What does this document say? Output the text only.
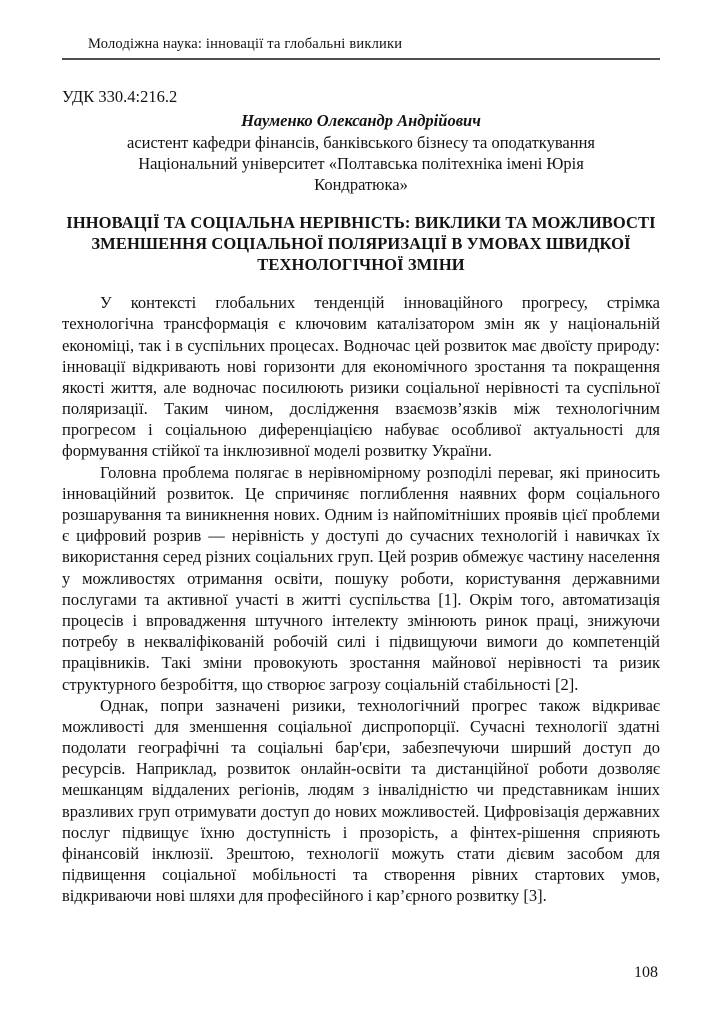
Молодіжна наука: інновації та глобальні виклики
УДК 330.4:216.2
Науменко Олександр Андрійович
асистент кафедри фінансів, банківського бізнесу та оподаткування
Національний університет «Полтавська політехніка імені Юрія Кондратюка»
ІННОВАЦІЇ ТА СОЦІАЛЬНА НЕРІВНІСТЬ: ВИКЛИКИ ТА МОЖЛИВОСТІ ЗМЕНШЕННЯ СОЦІАЛЬНОЇ ПОЛЯРИЗАЦІЇ В УМОВАХ ШВИДКОЇ ТЕХНОЛОГІЧНОЇ ЗМІНИ

У контексті глобальних тенденцій інноваційного прогресу, стрімка технологічна трансформація є ключовим каталізатором змін як у національній економіці, так і в суспільних процесах. Водночас цей розвиток має двоїсту природу: інновації відкривають нові горизонти для економічного зростання та покращення якості життя, але водночас посилюють ризики соціальної нерівності та суспільної поляризації. Таким чином, дослідження взаємозв’язків між технологічним прогресом і соціальною диференціацією набуває особливої актуальності для формування стійкої та інклюзивної моделі розвитку України.

Головна проблема полягає в нерівномірному розподілі переваг, які приносить інноваційний розвиток. Це спричиняє поглиблення наявних форм соціального розшарування та виникнення нових. Одним із найпомітніших проявів цієї проблеми є цифровий розрив — нерівність у доступі до сучасних технологій і навичках їх використання серед різних соціальних груп. Цей розрив обмежує частину населення у можливостях отримання освіти, пошуку роботи, користування державними послугами та активної участі в житті суспільства [1]. Окрім того, автоматизація процесів і впровадження штучного інтелекту змінюють ринок праці, знижуючи потребу в некваліфікованій робочій силі і підвищуючи вимоги до компетенцій працівників. Такі зміни провокують зростання майнової нерівності та ризик структурного безробіття, що створює загрозу соціальній стабільності [2].

Однак, попри зазначені ризики, технологічний прогрес також відкриває можливості для зменшення соціальної диспропорції. Сучасні технології здатні подолати географічні та соціальні бар'єри, забезпечуючи ширший доступ до ресурсів. Наприклад, розвиток онлайн-освіти та дистанційної роботи дозволяє мешканцям віддалених регіонів, людям з інвалідністю чи представникам інших вразливих груп отримувати доступ до нових можливостей. Цифровізація державних послуг підвищує їхню доступність і прозорість, а фінтех-рішення сприяють фінансовій інклюзії. Зрештою, технології можуть стати дієвим засобом для підвищення соціальної мобільності та створення рівних стартових умов, відкриваючи нові шляхи для професійного і кар’єрного розвитку [3].

108
